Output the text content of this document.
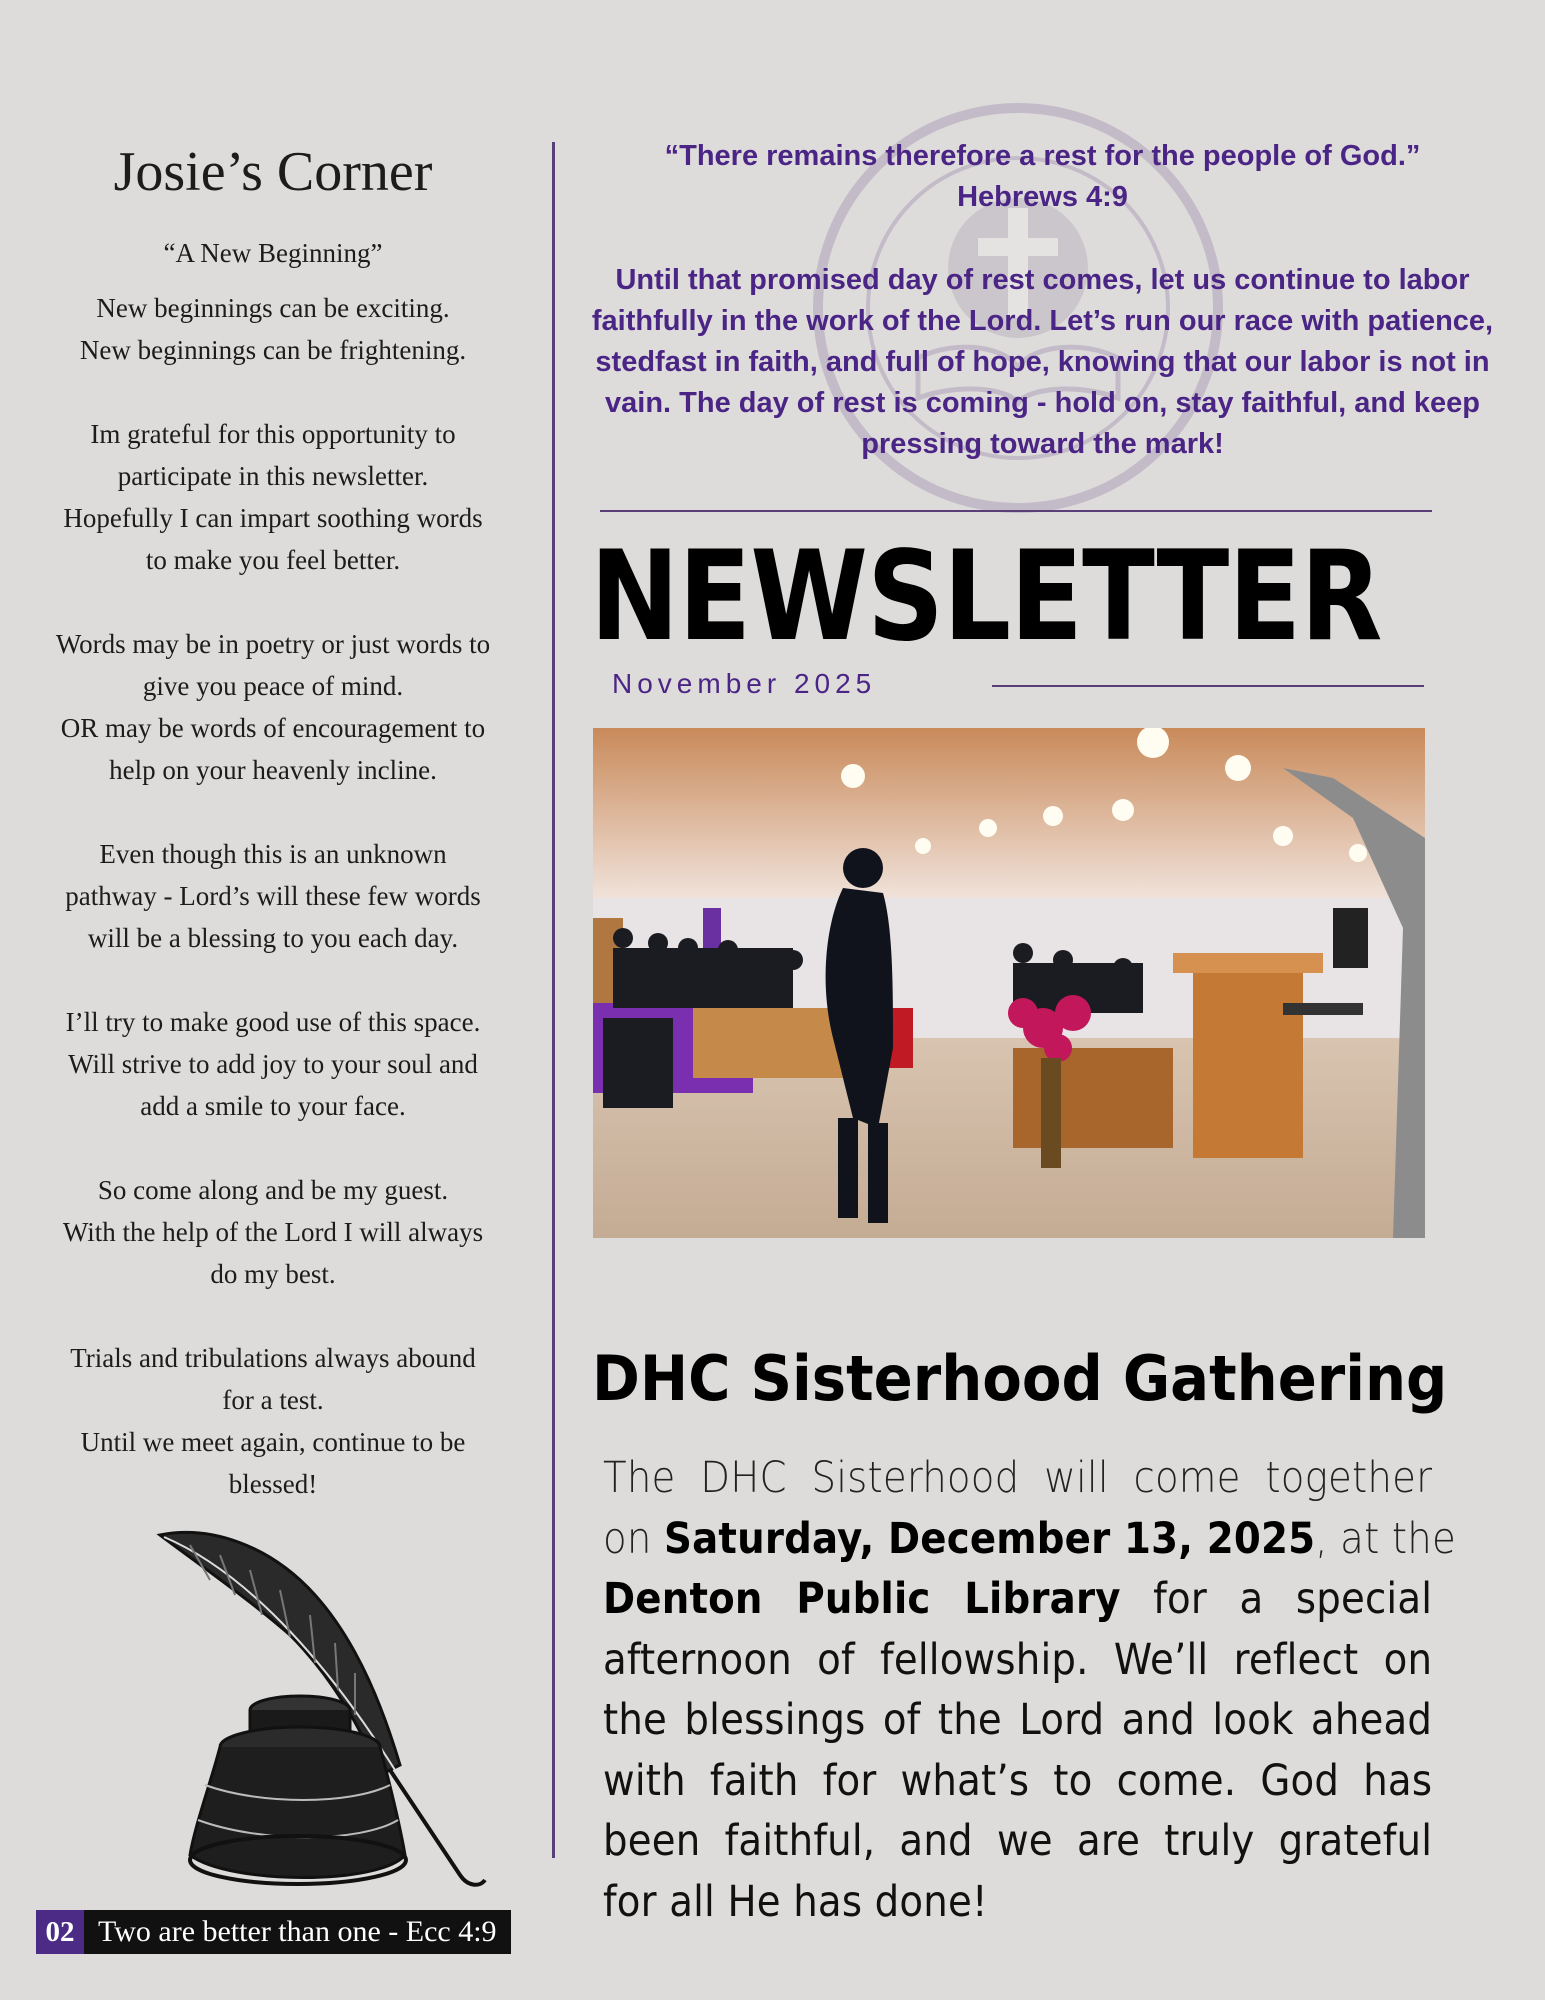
Josie’s Corner

“A New Beginning”

New beginnings can be exciting.
New beginnings can be frightening.
Im grateful for this opportunity to
participate in this newsletter.
Hopefully I can impart soothing words
to make you feel better.
Words may be in poetry or just words to
give you peace of mind.
OR may be words of encouragement to
help on your heavenly incline.
Even though this is an unknown
pathway - Lord’s will these few words
will be a blessing to you each day.
I’ll try to make good use of this space.
Will strive to add joy to your soul and
add a smile to your face.
So come along and be my guest.
With the help of the Lord I will always
do my best.
Trials and tribulations always abound
for a test.
Until we meet again, continue to be
blessed!
02 Two are better than one - Ecc 4:9

“There remains therefore a rest for the people of God.”

Hebrews 4:9

Until that promised day of rest comes, let us continue to labor

faithfully in the work of the Lord. Let’s run our race with patience,

stedfast in faith, and full of hope, knowing that our labor is not in

vain. The day of rest is coming - hold on, stay faithful, and keep

pressing toward the mark!

NEWSLETTER
November 2025
DHC Sisterhood Gathering
The DHC Sisterhood will come together
on Saturday, December 13, 2025, at the
Denton Public Library for a special
afternoon of fellowship. We’ll reflect on
the blessings of the Lord and look ahead
with faith for what’s to come. God has
been faithful, and we are truly grateful
for all He has done!
